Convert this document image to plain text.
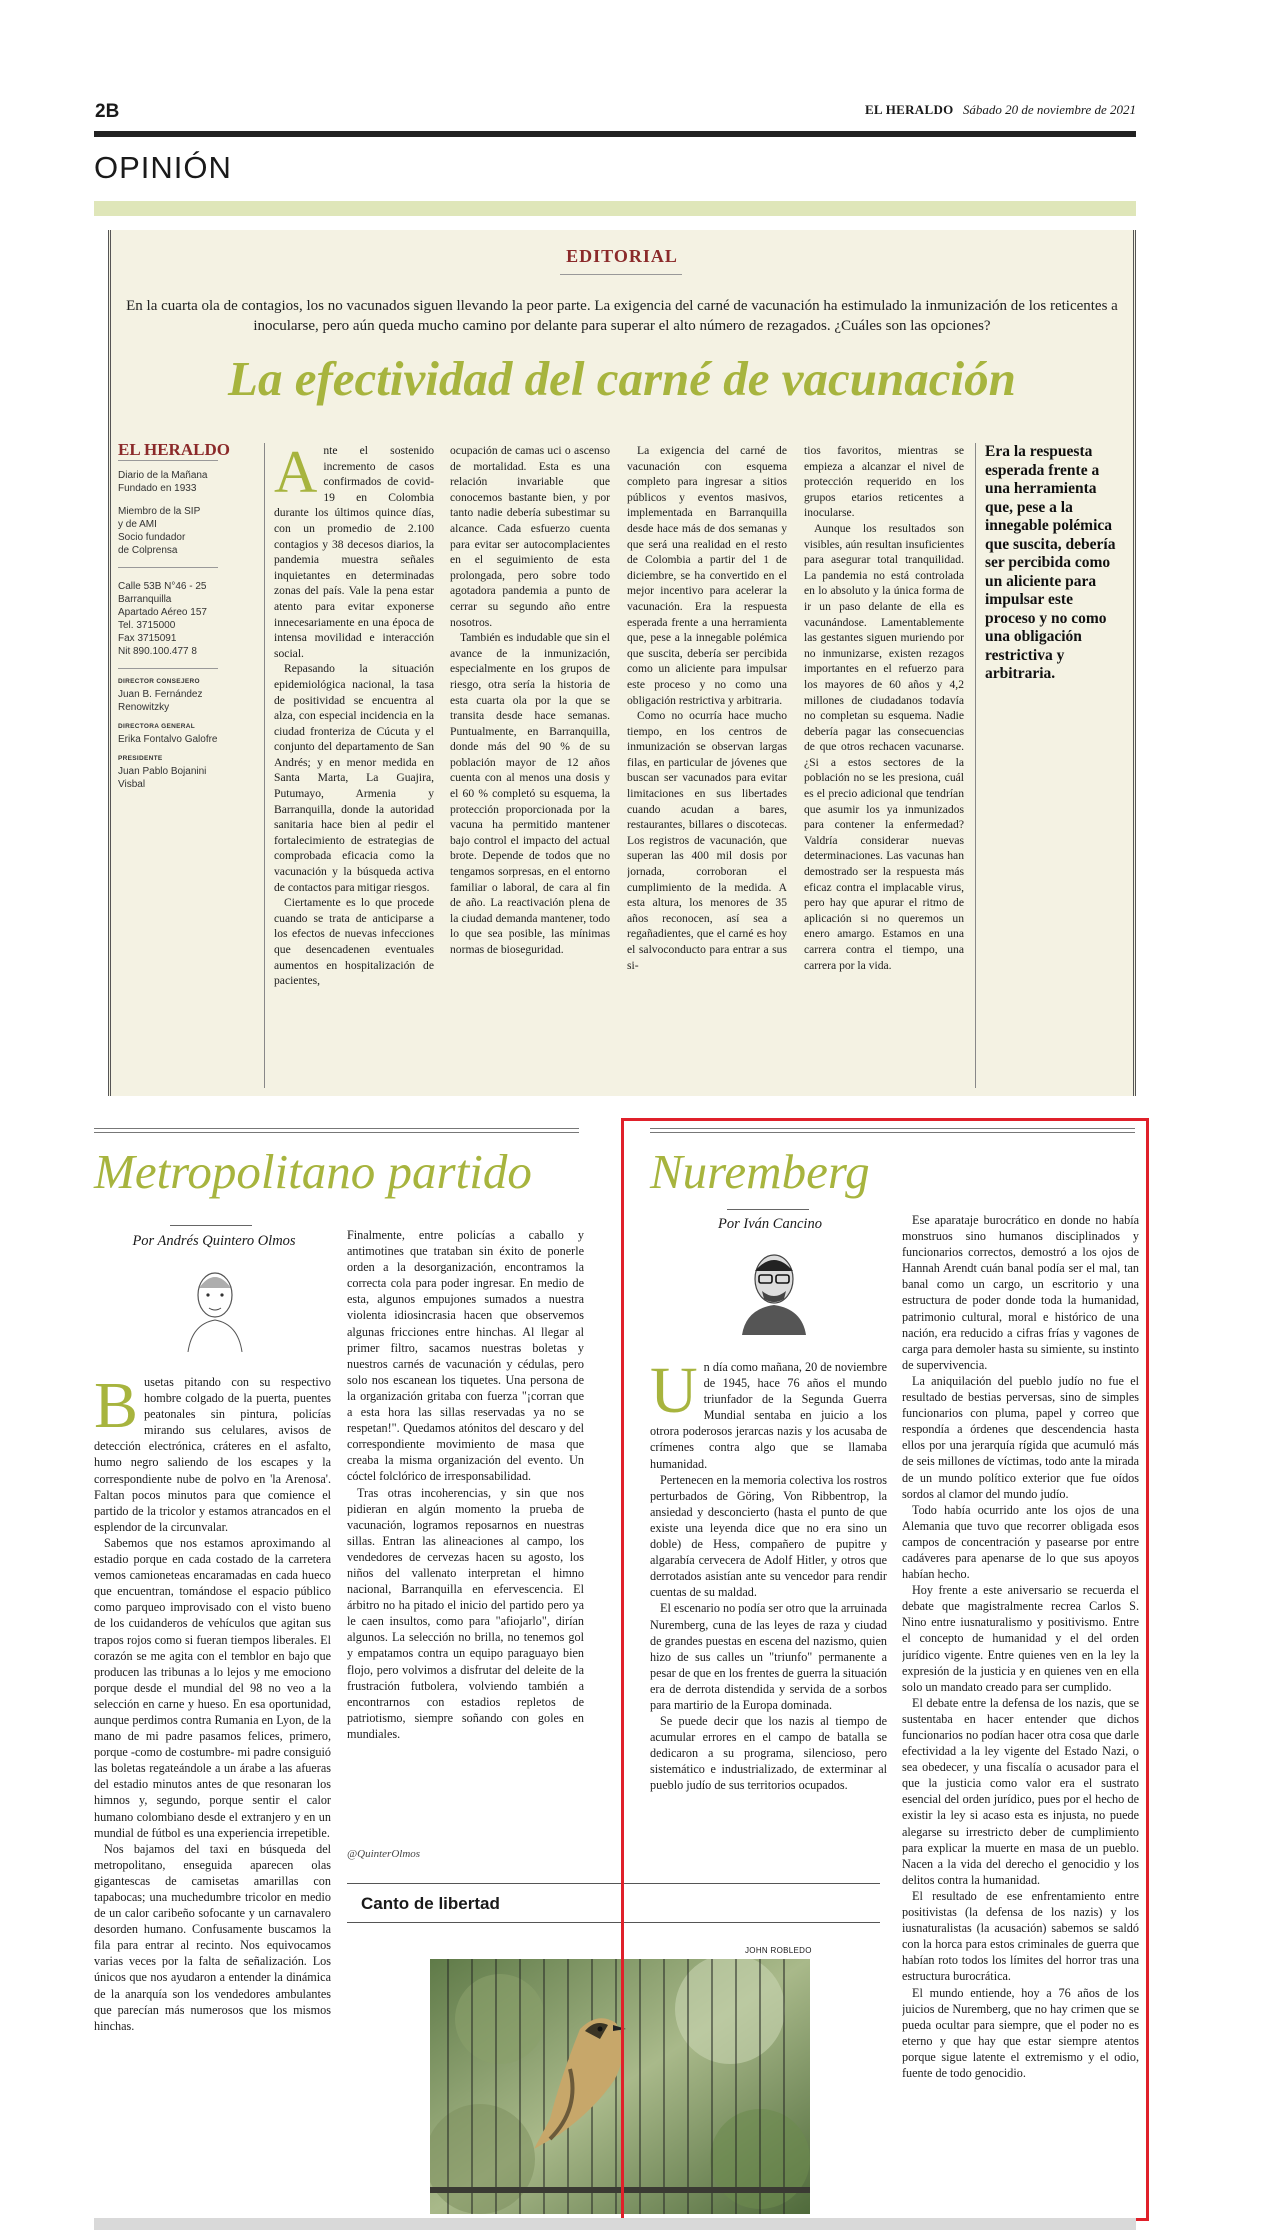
2B	EL HERALDO Sábado 20 de noviembre de 2021
OPINIÓN
EDITORIAL
En la cuarta ola de contagios, los no vacunados siguen llevando la peor parte. La exigencia del carné de vacunación ha estimulado la inmunización de los reticentes a inocularse, pero aún queda mucho camino por delante para superar el alto número de rezagados. ¿Cuáles son las opciones?
La efectividad del carné de vacunación
EL HERALDO
Diario de la Mañana
Fundado en 1933
Miembro de la SIP
y de AMI
Socio fundador
de Colprensa
Calle 53B N°46 - 25
Barranquilla
Apartado Aéreo 157
Tel. 3715000
Fax 3715091
Nit 890.100.477 8
DIRECTOR CONSEJERO
Juan B. Fernández
Renowitzky
DIRECTORA GENERAL
Erika Fontalvo Galofre
PRESIDENTE
Juan Pablo Bojanini
Visbal
A nte el sostenido incremento de casos confirmados de covid-19 en Colombia durante los últimos quince días, con un promedio de 2.100 contagios y 38 decesos diarios, la pandemia muestra señales inquietantes en determinadas zonas del país. Vale la pena estar atento para evitar exponerse innecesariamente en una época de intensa movilidad e interacción social.

Repasando la situación epidemiológica nacional, la tasa de positividad se encuentra al alza, con especial incidencia en la ciudad fronteriza de Cúcuta y el conjunto del departamento de San Andrés; y en menor medida en Santa Marta, La Guajira, Putumayo, Armenia y Barranquilla, donde la autoridad sanitaria hace bien al pedir el fortalecimiento de estrategias de comprobada eficacia como la vacunación y la búsqueda activa de contactos para mitigar riesgos.

Ciertamente es lo que procede cuando se trata de anticiparse a los efectos de nuevas infecciones que desencadenen eventuales aumentos en hospitalización de pacientes,

ocupación de camas uci o ascenso de mortalidad. Esta es una relación invariable que conocemos bastante bien, y por tanto nadie debería subestimar su alcance. Cada esfuerzo cuenta para evitar ser autocomplacientes en el seguimiento de esta prolongada, pero sobre todo agotadora pandemia a punto de cerrar su segundo año entre nosotros.

También es indudable que sin el avance de la inmunización, especialmente en los grupos de riesgo, otra sería la historia de esta cuarta ola por la que se transita desde hace semanas. Puntualmente, en Barranquilla, donde más del 90 % de su población mayor de 12 años cuenta con al menos una dosis y el 60 % completó su esquema, la protección proporcionada por la vacuna ha permitido mantener bajo control el impacto del actual brote. Depende de todos que no tengamos sorpresas, en el entorno familiar o laboral, de cara al fin de año. La reactivación plena de la ciudad demanda mantener, todo lo que sea posible, las mínimas normas de bioseguridad.

La exigencia del carné de vacunación con esquema completo para ingresar a sitios públicos y eventos masivos, implementada en Barranquilla desde hace más de dos semanas y que será una realidad en el resto de Colombia a partir del 1 de diciembre, se ha convertido en el mejor incentivo para acelerar la vacunación. Era la respuesta esperada frente a una herramienta que, pese a la innegable polémica que suscita, debería ser percibida como un aliciente para impulsar este proceso y no como una obligación restrictiva y arbitraria.

Como no ocurría hace mucho tiempo, en los centros de inmunización se observan largas filas, en particular de jóvenes que buscan ser vacunados para evitar limitaciones en sus libertades cuando acudan a bares, restaurantes, billares o discotecas. Los registros de vacunación, que superan las 400 mil dosis por jornada, corroboran el cumplimiento de la medida. A esta altura, los menores de 35 años reconocen, así sea a regañadientes, que el carné es hoy el salvoconducto para entrar a sus si-

tios favoritos, mientras se empieza a alcanzar el nivel de protección requerido en los grupos etarios reticentes a inocularse.

Aunque los resultados son visibles, aún resultan insuficientes para asegurar total tranquilidad. La pandemia no está controlada en lo absoluto y la única forma de ir un paso delante de ella es vacunándose. Lamentablemente las gestantes siguen muriendo por no inmunizarse, existen rezagos importantes en el refuerzo para los mayores de 60 años y 4,2 millones de ciudadanos todavía no completan su esquema. Nadie debería pagar las consecuencias de que otros rechacen vacunarse. ¿Si a estos sectores de la población no se les presiona, cuál es el precio adicional que tendrían que asumir los ya inmunizados para contener la enfermedad? Valdría considerar nuevas determinaciones. Las vacunas han demostrado ser la respuesta más eficaz contra el implacable virus, pero hay que apurar el ritmo de aplicación si no queremos un enero amargo. Estamos en una carrera contra el tiempo, una carrera por la vida.

Era la respuesta esperada frente a una herramienta que, pese a la innegable polémica que suscita, debería ser percibida como un aliciente para impulsar este proceso y no como una obligación restrictiva y arbitraria.
Metropolitano partido
Por Andrés Quintero Olmos
B usetas pitando con su respectivo hombre colgado de la puerta, puentes peatonales sin pintura, policías mirando sus celulares, avisos de detección electrónica, cráteres en el asfalto, humo negro saliendo de los escapes y la correspondiente nube de polvo en 'la Arenosa'. Faltan pocos minutos para que comience el partido de la tricolor y estamos atrancados en el esplendor de la circunvalar.

Sabemos que nos estamos aproximando al estadio porque en cada costado de la carretera vemos camioneteas encaramadas en cada hueco que encuentran, tomándose el espacio público como parqueo improvisado con el visto bueno de los cuidanderos de vehículos que agitan sus trapos rojos como si fueran tiempos liberales. El corazón se me agita con el temblor en bajo que producen las tribunas a lo lejos y me emociono porque desde el mundial del 98 no veo a la selección en carne y hueso. En esa oportunidad, aunque perdimos contra Rumania en Lyon, de la mano de mi padre pasamos felices, primero, porque -como de costumbre- mi padre consiguió las boletas regateándole a un árabe a las afueras del estadio minutos antes de que resonaran los himnos y, segundo, porque sentir el calor humano colombiano desde el extranjero y en un mundial de fútbol es una experiencia irrepetible.

Nos bajamos del taxi en búsqueda del metropolitano, enseguida aparecen olas gigantescas de camisetas amarillas con tapabocas; una muchedumbre tricolor en medio de un calor caribeño sofocante y un carnavalero desorden humano. Confusamente buscamos la fila para entrar al recinto. Nos equivocamos varias veces por la falta de señalización. Los únicos que nos ayudaron a entender la dinámica de la anarquía son los vendedores ambulantes que parecían más numerosos que los mismos hinchas.

Finalmente, entre policías a caballo y antimotines que trataban sin éxito de ponerle orden a la desorganización, encontramos la correcta cola para poder ingresar. En medio de esta, algunos empujones sumados a nuestra violenta idiosincrasia hacen que observemos algunas fricciones entre hinchas. Al llegar al primer filtro, sacamos nuestras boletas y nuestros carnés de vacunación y cédulas, pero solo nos escanean los tiquetes. Una persona de la organización gritaba con fuerza "¡corran que a esta hora las sillas reservadas ya no se respetan!". Quedamos atónitos del descaro y del correspondiente movimiento de masa que creaba la misma organización del evento. Un cóctel folclórico de irresponsabilidad.

Tras otras incoherencias, y sin que nos pidieran en algún momento la prueba de vacunación, logramos reposarnos en nuestras sillas. Entran las alineaciones al campo, los vendedores de cervezas hacen su agosto, los niños del vallenato interpretan el himno nacional, Barranquilla en efervescencia. El árbitro no ha pitado el inicio del partido pero ya le caen insultos, como para "afiojarlo", dirían algunos. La selección no brilla, no tenemos gol y empatamos contra un equipo paraguayo bien flojo, pero volvimos a disfrutar del deleite de la frustración futbolera, volviendo también a encontrarnos con estadios repletos de patriotismo, siempre soñando con goles en mundiales.

@QuinterOlmos
Canto de libertad
JOHN ROBLEDO
Nuremberg
Por Iván Cancino
U n día como mañana, 20 de noviembre de 1945, hace 76 años el mundo triunfador de la Segunda Guerra Mundial sentaba en juicio a los otrora poderosos jerarcas nazis y los acusaba de crímenes contra algo que se llamaba humanidad.

Pertenecen en la memoria colectiva los rostros perturbados de Göring, Von Ribbentrop, la ansiedad y desconcierto (hasta el punto de que existe una leyenda dice que no era sino un doble) de Hess, compañero de pupitre y algarabía cervecera de Adolf Hitler, y otros que derrotados asistían ante su vencedor para rendir cuentas de su maldad.

El escenario no podía ser otro que la arruinada Nuremberg, cuna de las leyes de raza y ciudad de grandes puestas en escena del nazismo, quien hizo de sus calles un "triunfo" permanente a pesar de que en los frentes de guerra la situación era de derrota distendida y servida de a sorbos para martirio de la Europa dominada.

Se puede decir que los nazis al tiempo de acumular errores en el campo de batalla se dedicaron a su programa, silencioso, pero sistemático e industrializado, de exterminar al pueblo judío de sus territorios ocupados.

Ese aparataje burocrático en donde no había monstruos sino humanos disciplinados y funcionarios correctos, demostró a los ojos de Hannah Arendt cuán banal podía ser el mal, tan banal como un cargo, un escritorio y una estructura de poder donde toda la humanidad, patrimonio cultural, moral e histórico de una nación, era reducido a cifras frías y vagones de carga para demoler hasta su simiente, su instinto de supervivencia.

La aniquilación del pueblo judío no fue el resultado de bestias perversas, sino de simples funcionarios con pluma, papel y correo que respondía a órdenes que descendencia hasta ellos por una jerarquía rígida que acumuló más de seis millones de víctimas, todo ante la mirada de un mundo político exterior que fue oídos sordos al clamor del mundo judío.

Todo había ocurrido ante los ojos de una Alemania que tuvo que recorrer obligada esos campos de concentración y pasearse por entre cadáveres para apenarse de lo que sus apoyos habían hecho.

Hoy frente a este aniversario se recuerda el debate que magistralmente recrea Carlos S. Nino entre iusnaturalismo y positivismo. Entre el concepto de humanidad y el del orden jurídico vigente. Entre quienes ven en la ley la expresión de la justicia y en quienes ven en ella solo un mandato creado para ser cumplido.

El debate entre la defensa de los nazis, que se sustentaba en hacer entender que dichos funcionarios no podían hacer otra cosa que darle efectividad a la ley vigente del Estado Nazi, o sea obedecer, y una fiscalía o acusador para el que la justicia como valor era el sustrato esencial del orden jurídico, pues por el hecho de existir la ley si acaso esta es injusta, no puede alegarse su irrestricto deber de cumplimiento para explicar la muerte en masa de un pueblo. Nacen a la vida del derecho el genocidio y los delitos contra la humanidad.

El resultado de ese enfrentamiento entre positivistas (la defensa de los nazis) y los iusnaturalistas (la acusación) sabemos se saldó con la horca para estos criminales de guerra que habían roto todos los límites del horror tras una estructura burocrática.

El mundo entiende, hoy a 76 años de los juicios de Nuremberg, que no hay crimen que se pueda ocultar para siempre, que el poder no es eterno y que hay que estar siempre atentos porque sigue latente el extremismo y el odio, fuente de todo genocidio.
